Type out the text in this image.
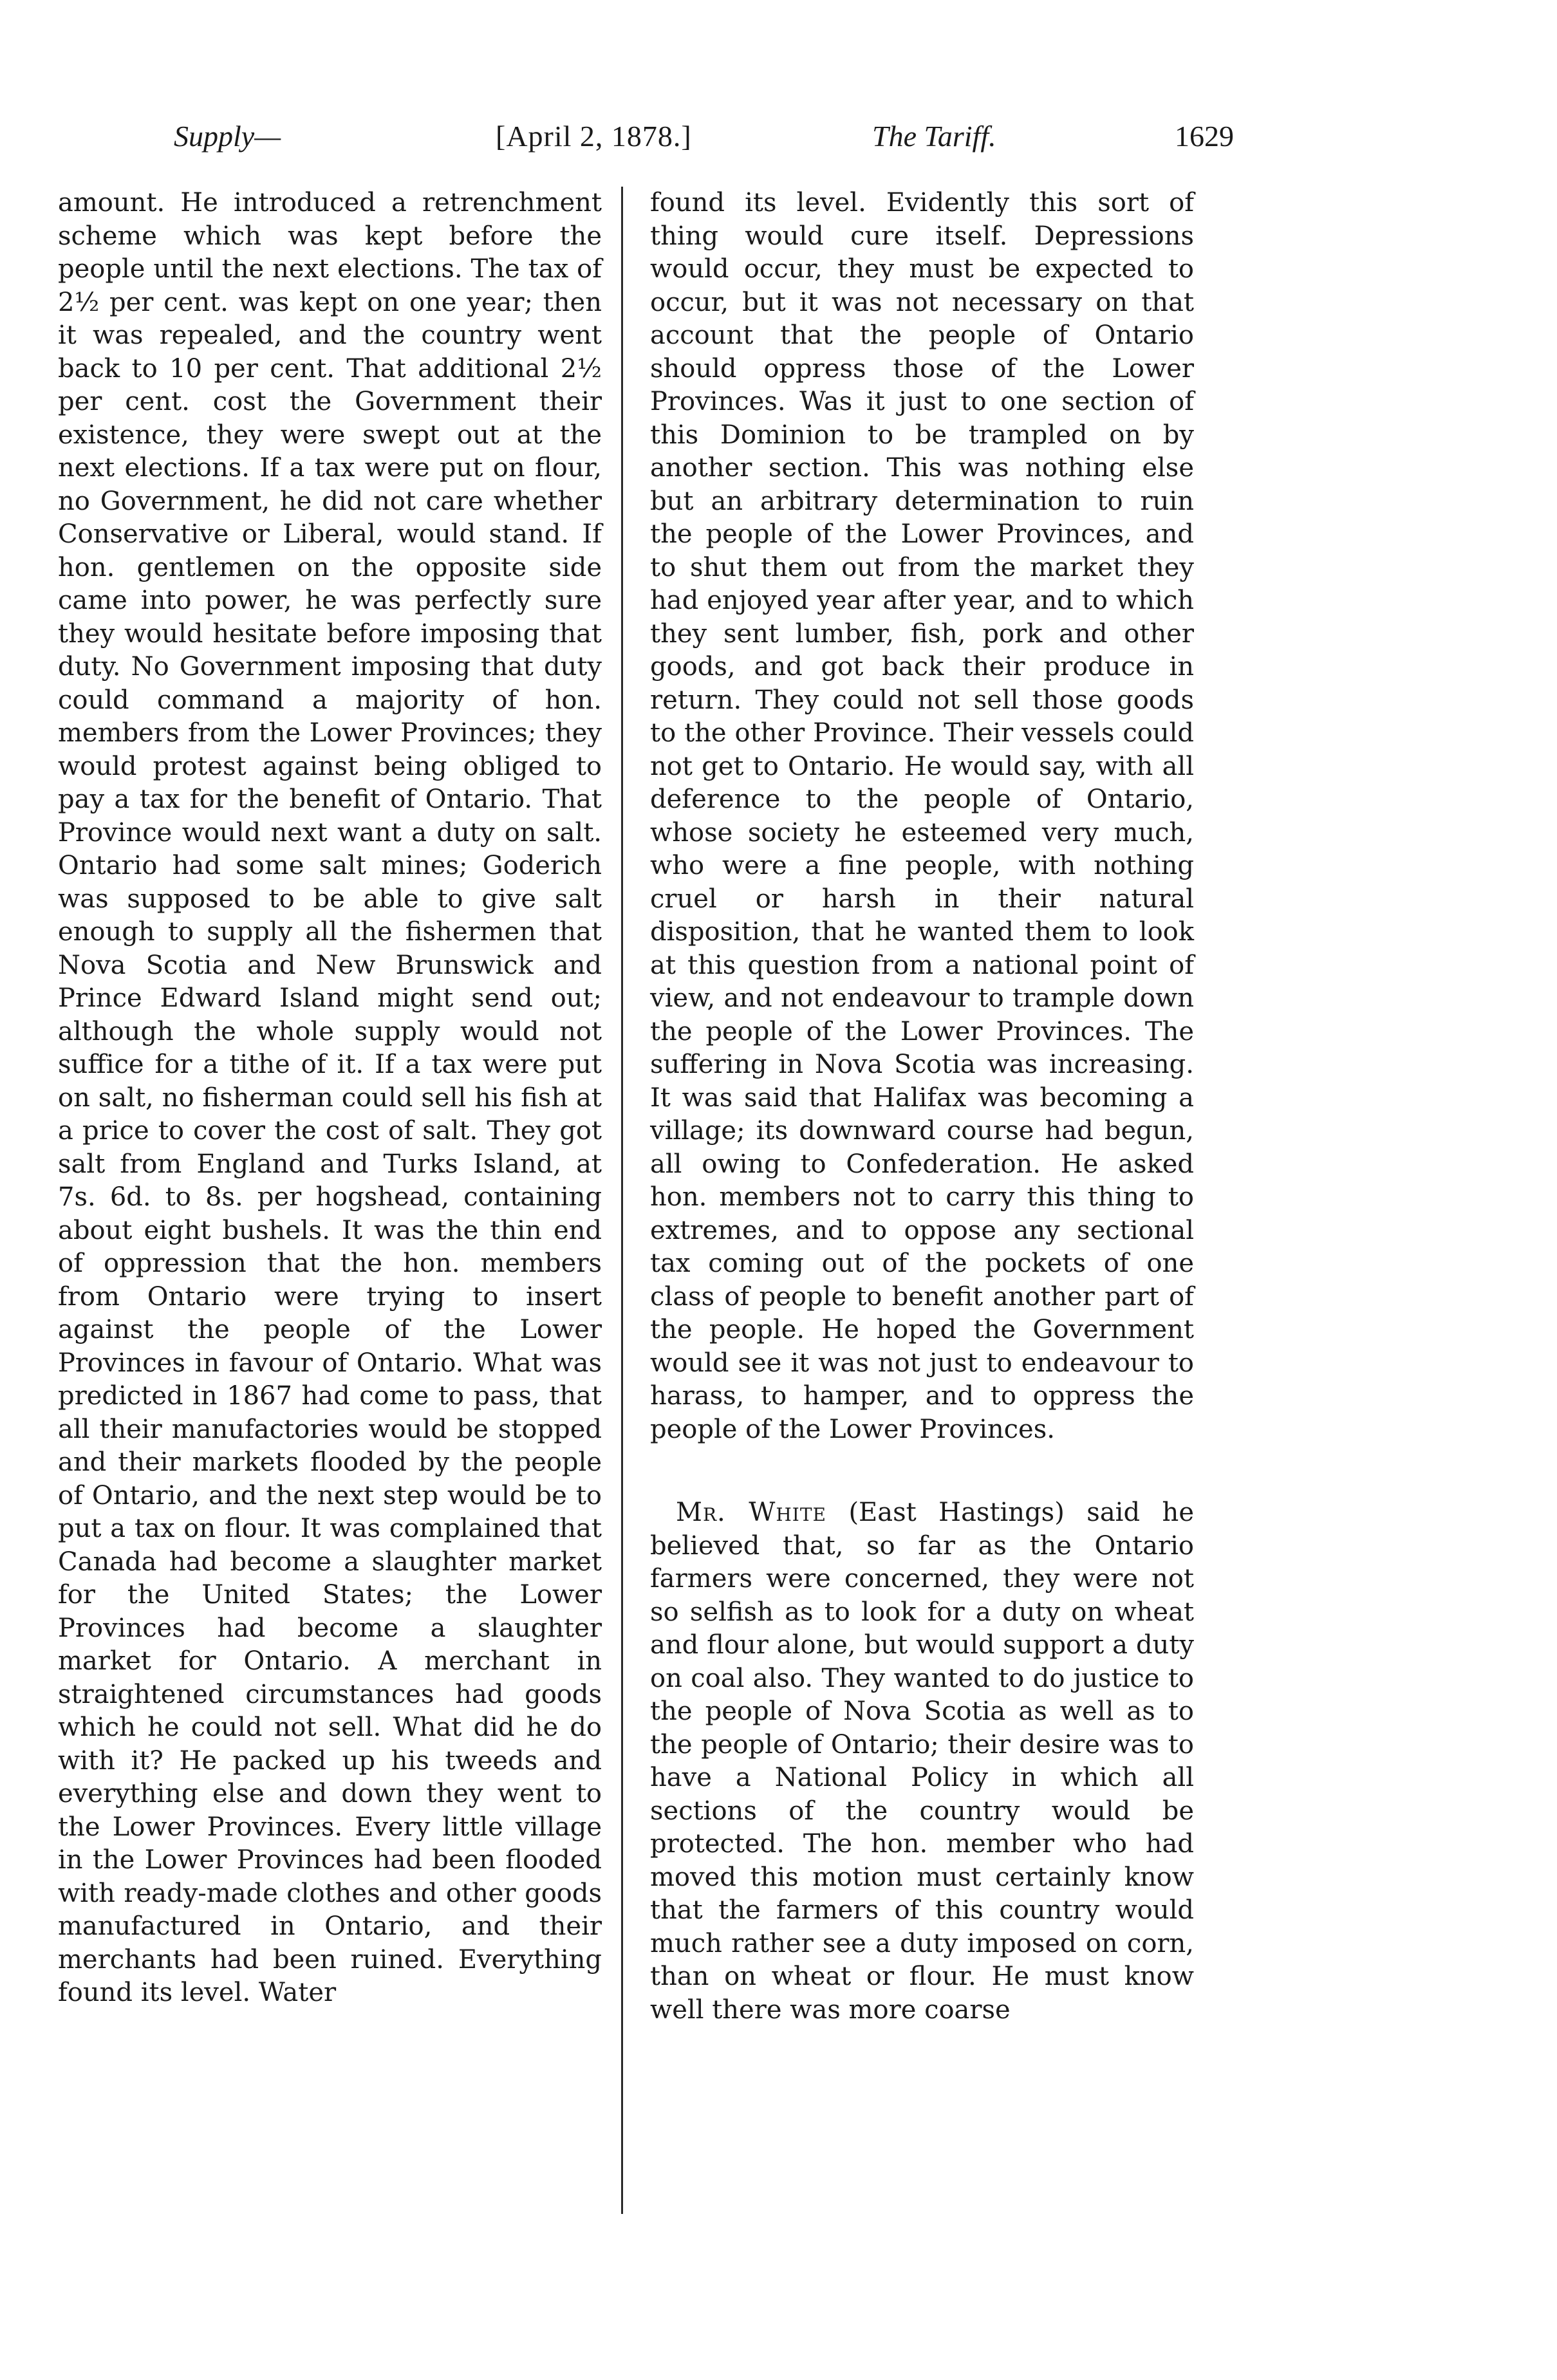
Supply—	[April 2, 1878.]	The Tariff.	1629

amount. He introduced a retrenchment scheme which was kept before the people until the next elections. The tax of 2½ per cent. was kept on one year; then it was repealed, and the country went back to 10 per cent. That additional 2½ per cent. cost the Government their existence, they were swept out at the next elections. If a tax were put on flour, no Government, he did not care whether Conservative or Liberal, would stand. If hon. gentlemen on the opposite side came into power, he was perfectly sure they would hesitate before imposing that duty. No Government imposing that duty could command a majority of hon. members from the Lower Provinces; they would protest against being obliged to pay a tax for the benefit of Ontario. That Province would next want a duty on salt. Ontario had some salt mines; Goderich was supposed to be able to give salt enough to supply all the fishermen that Nova Scotia and New Brunswick and Prince Edward Island might send out; although the whole supply would not suffice for a tithe of it. If a tax were put on salt, no fisherman could sell his fish at a price to cover the cost of salt. They got salt from England and Turks Island, at 7s. 6d. to 8s. per hogshead, containing about eight bushels. It was the thin end of oppression that the hon. members from Ontario were trying to insert against the people of the Lower Provinces in favour of Ontario. What was predicted in 1867 had come to pass, that all their manufactories would be stopped and their markets flooded by the people of Ontario, and the next step would be to put a tax on flour. It was complained that Canada had become a slaughter market for the United States; the Lower Provinces had become a slaughter market for Ontario. A merchant in straightened circumstances had goods which he could not sell. What did he do with it? He packed up his tweeds and everything else and down they went to the Lower Provinces. Every little village in the Lower Provinces had been flooded with ready-made clothes and other goods manufactured in Ontario, and their merchants had been ruined. Everything found its level. Water

found its level. Evidently this sort of thing would cure itself. Depressions would occur, they must be expected to occur, but it was not necessary on that account that the people of Ontario should oppress those of the Lower Provinces. Was it just to one section of this Dominion to be trampled on by another section. This was nothing else but an arbitrary determination to ruin the people of the Lower Provinces, and to shut them out from the market they had enjoyed year after year, and to which they sent lumber, fish, pork and other goods, and got back their produce in return. They could not sell those goods to the other Province. Their vessels could not get to Ontario. He would say, with all deference to the people of Ontario, whose society he esteemed very much, who were a fine people, with nothing cruel or harsh in their natural disposition, that he wanted them to look at this question from a national point of view, and not endeavour to trample down the people of the Lower Provinces. The suffering in Nova Scotia was increasing. It was said that Halifax was becoming a village; its downward course had begun, all owing to Confederation. He asked hon. members not to carry this thing to extremes, and to oppose any sectional tax coming out of the pockets of one class of people to benefit another part of the people. He hoped the Government would see it was not just to endeavour to harass, to hamper, and to oppress the people of the Lower Provinces.

Mr. White (East Hastings) said he believed that, so far as the Ontario farmers were concerned, they were not so selfish as to look for a duty on wheat and flour alone, but would support a duty on coal also. They wanted to do justice to the people of Nova Scotia as well as to the people of Ontario; their desire was to have a National Policy in which all sections of the country would be protected. The hon. member who had moved this motion must certainly know that the farmers of this country would much rather see a duty imposed on corn, than on wheat or flour. He must know well there was more coarse
